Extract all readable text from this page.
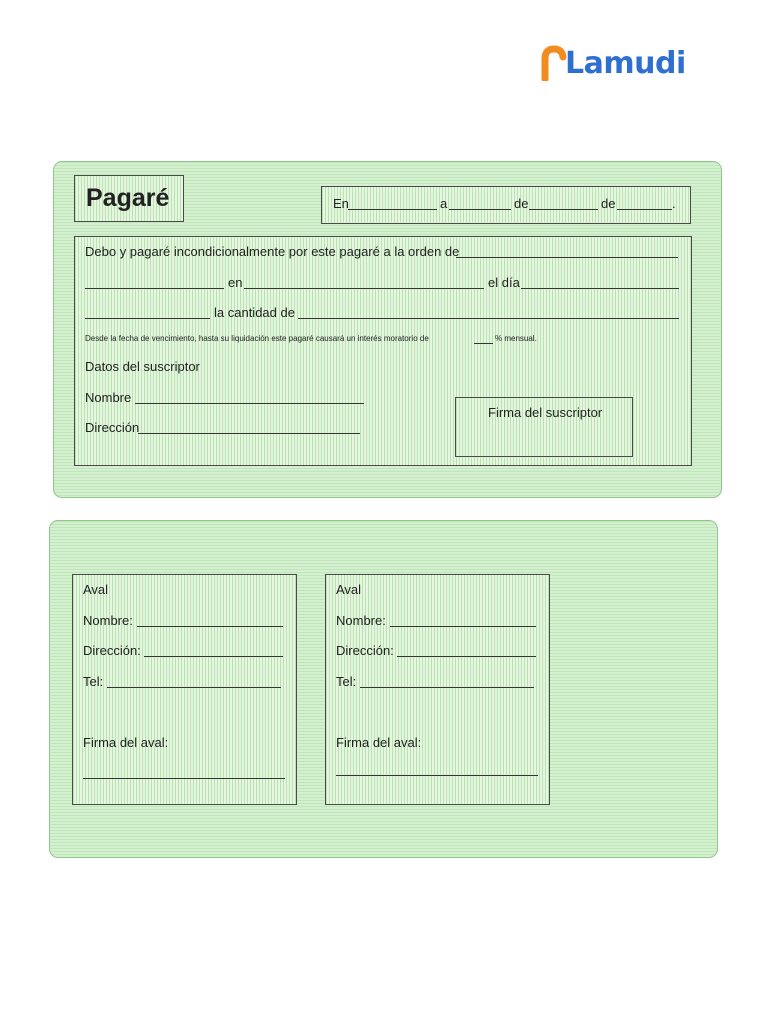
Lamudi
Pagaré	En	a	de	de	.
Debo y pagaré incondicionalmente por este pagaré a la orden de
en	el día
la cantidad de
Desde la fecha de vencimiento, hasta su liquidación este pagaré causará un interés moratorio de	% mensual.
Datos del suscriptor
Nombre
Dirección
Firma del suscriptor
Aval
Nombre:
Dirección:
Tel:
Firma del aval:
Aval
Nombre:
Dirección:
Tel:
Firma del aval:
